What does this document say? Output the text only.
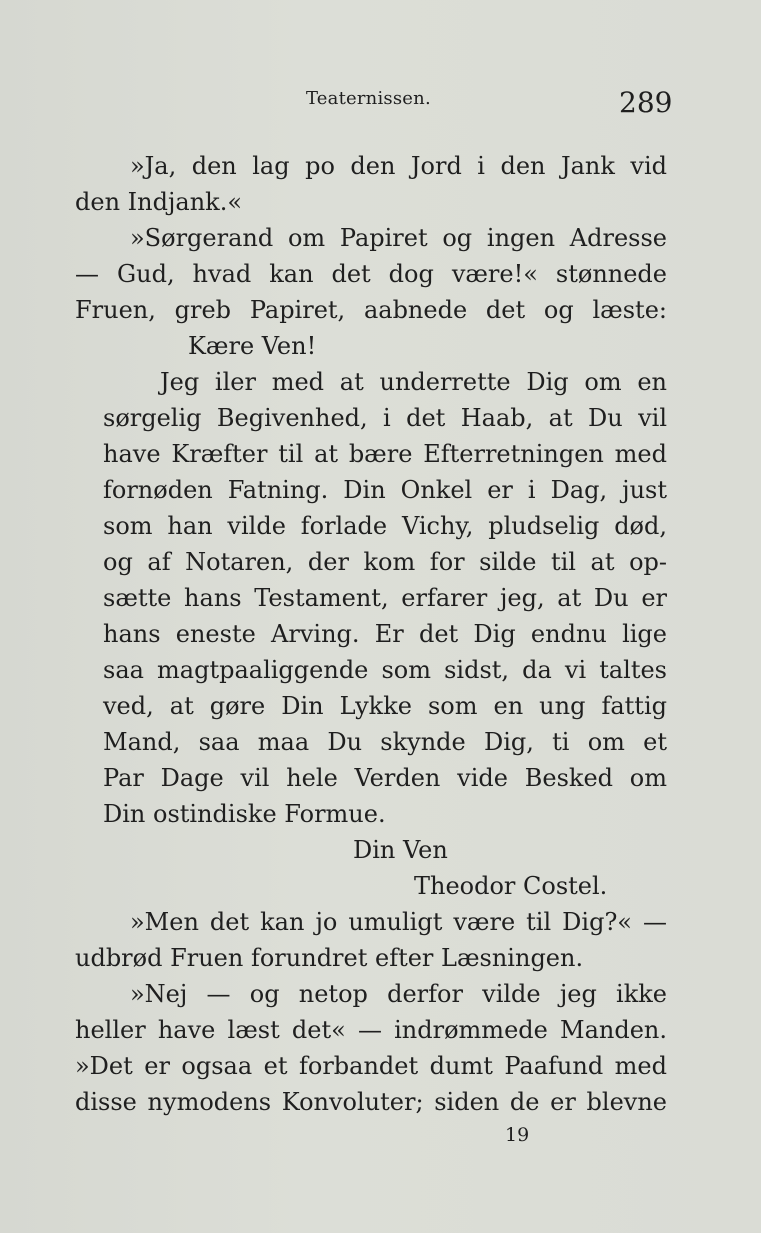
Teaternissen.	289
»Ja, den lag po den Jord i den Jank vid
den Indjank.«
»Sørgerand om Papiret og ingen Adresse
— Gud, hvad kan det dog være!« stønnede
Fruen, greb Papiret, aabnede det og læste:
Kære Ven!
Jeg iler med at underrette Dig om en
sørgelig Begivenhed, i det Haab, at Du vil
have Kræfter til at bære Efterretningen med
fornøden Fatning. Din Onkel er i Dag, just
som han vilde forlade Vichy, pludselig død,
og af Notaren, der kom for silde til at op-
sætte hans Testament, erfarer jeg, at Du er
hans eneste Arving. Er det Dig endnu lige
saa magtpaaliggende som sidst, da vi taltes
ved, at gøre Din Lykke som en ung fattig
Mand, saa maa Du skynde Dig, ti om et
Par Dage vil hele Verden vide Besked om
Din ostindiske Formue.
Din Ven
Theodor Costel.
»Men det kan jo umuligt være til Dig?« —
udbrød Fruen forundret efter Læsningen.
»Nej — og netop derfor vilde jeg ikke
heller have læst det« — indrømmede Manden.
»Det er ogsaa et forbandet dumt Paafund med
disse nymodens Konvoluter; siden de er blevne
19
